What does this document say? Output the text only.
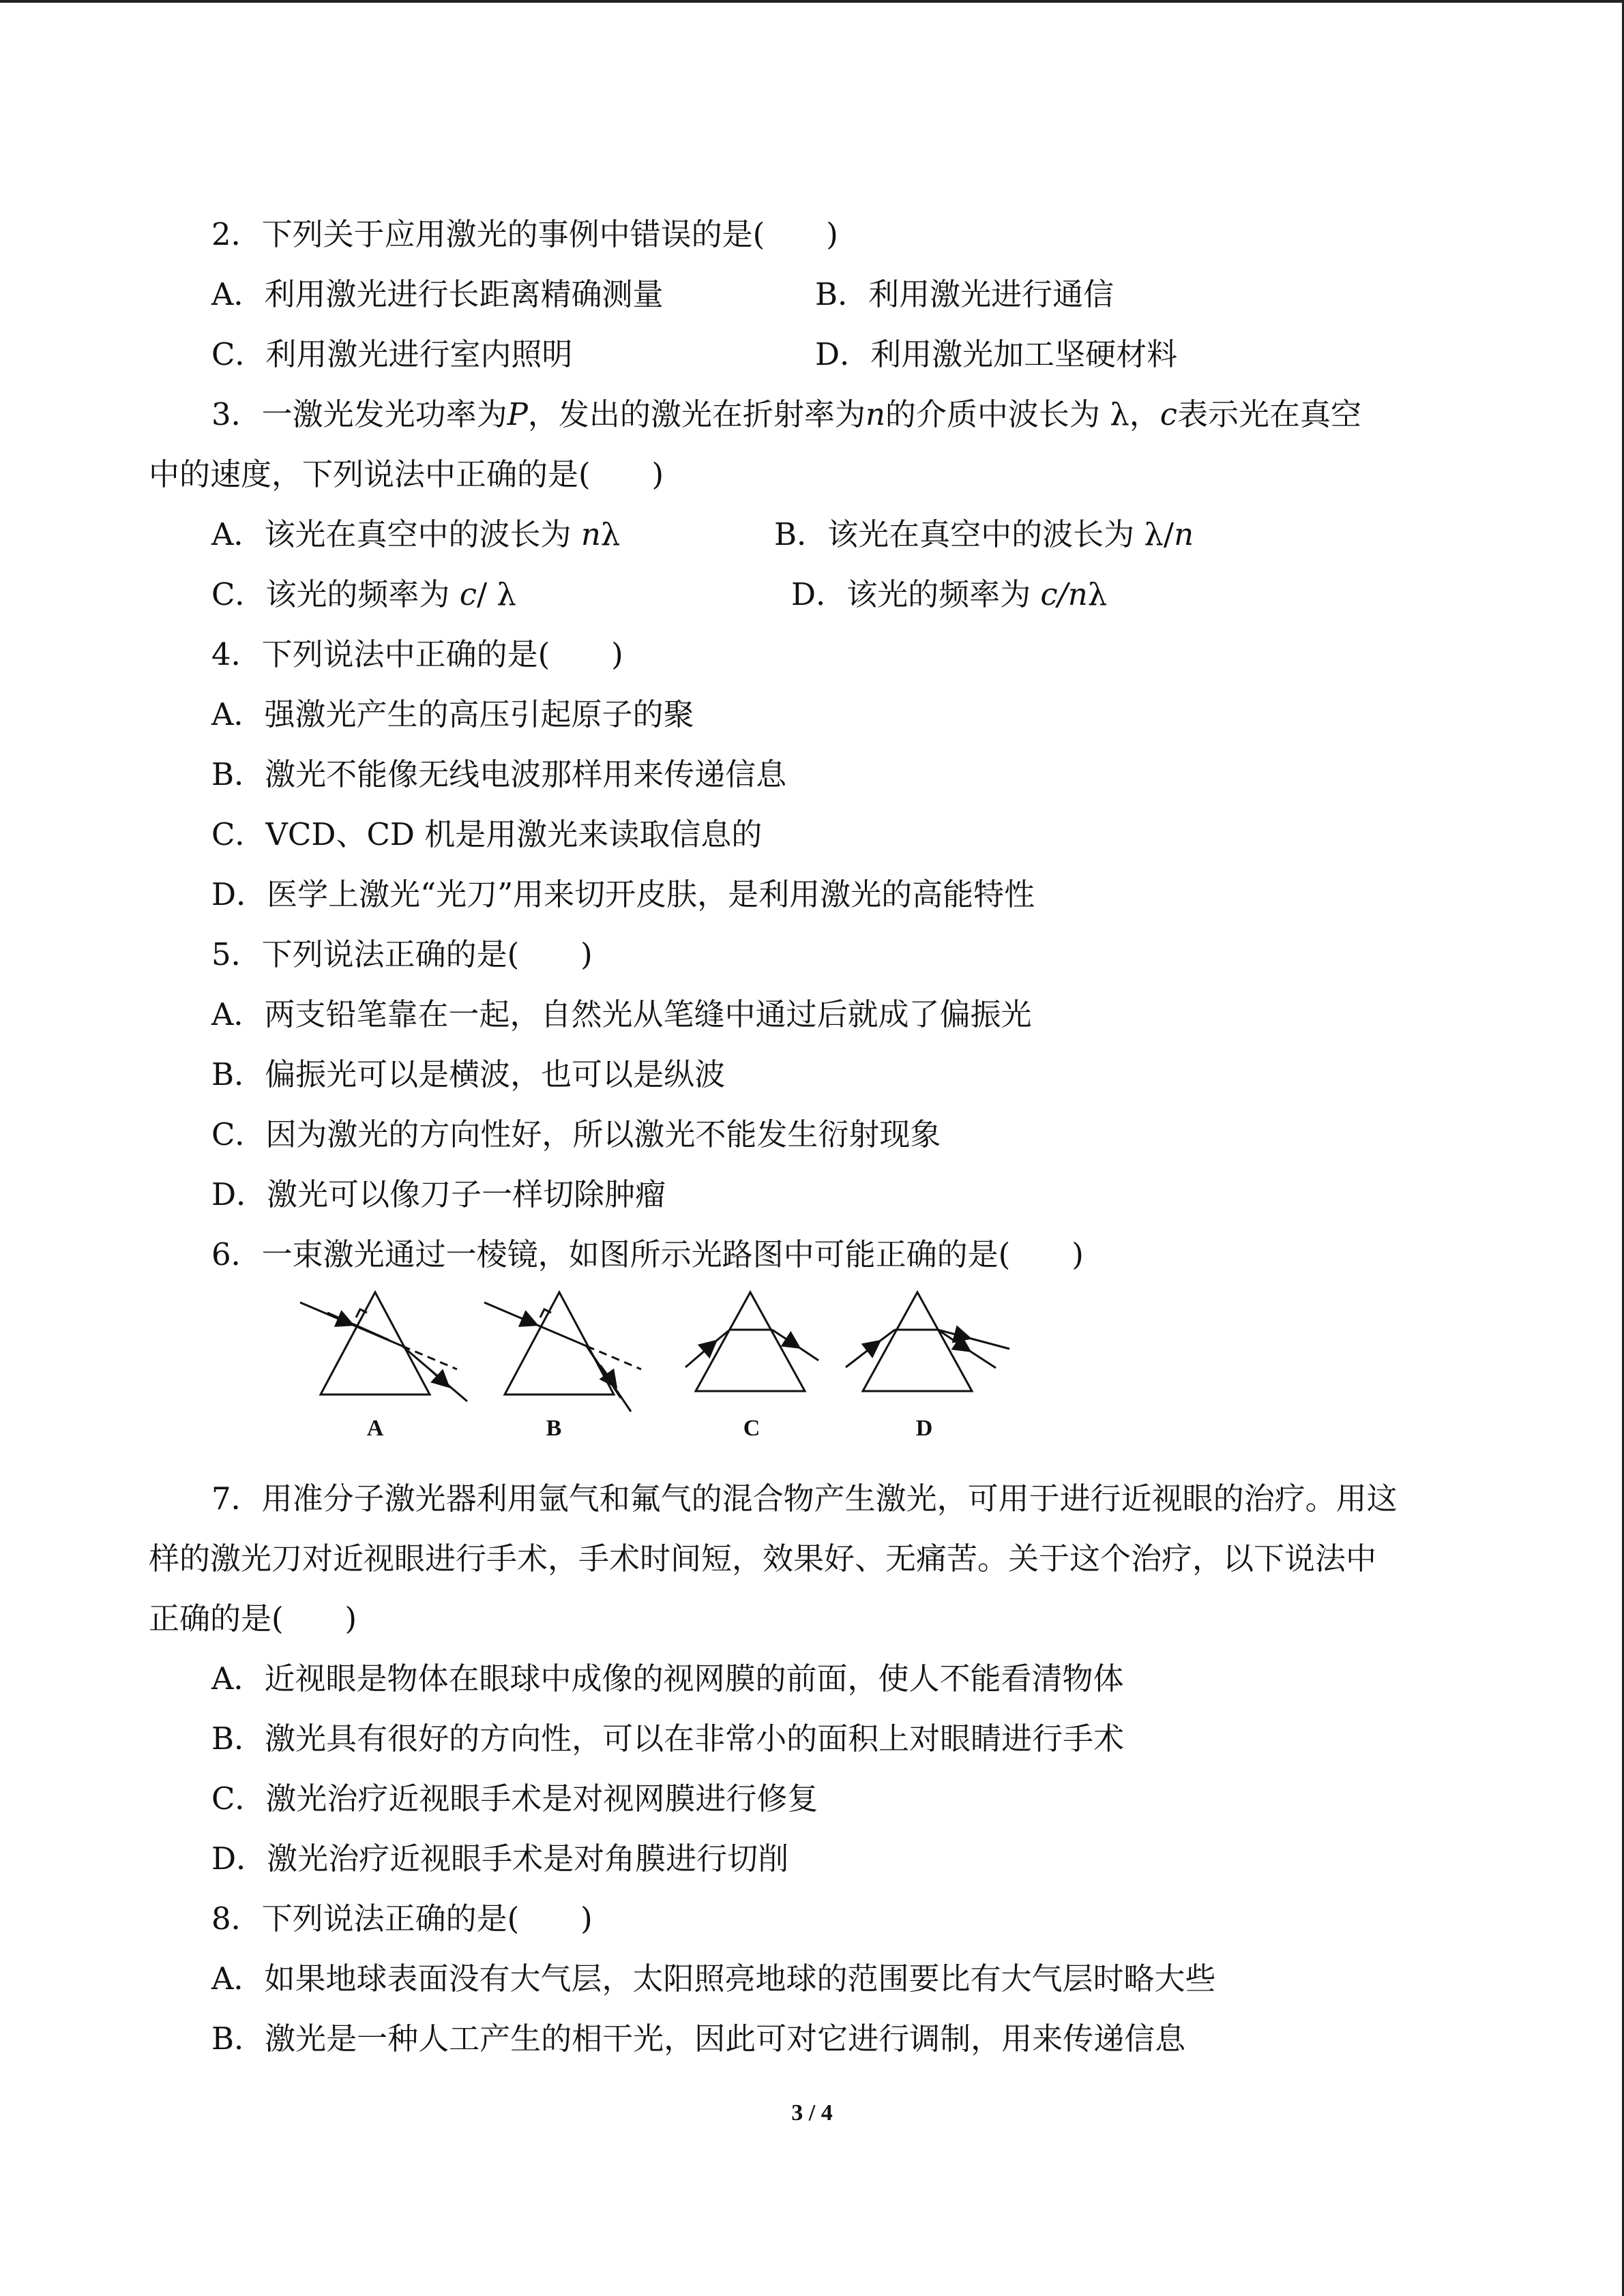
2．下列关于应用激光的事例中错误的是(　　)
A．利用激光进行长距离精确测量	B．利用激光进行通信
C．利用激光进行室内照明	D．利用激光加工坚硬材料
3．一激光发光功率为P，发出的激光在折射率为n的介质中波长为 λ，c表示光在真空
中的速度，下列说法中正确的是(　　)
A．该光在真空中的波长为 nλ	B．该光在真空中的波长为 λ/n
C．该光的频率为 c/ λ	D．该光的频率为 c/nλ
4．下列说法中正确的是(　　)
A．强激光产生的高压引起原子的聚
B．激光不能像无线电波那样用来传递信息
C．VCD、CD 机是用激光来读取信息的
D．医学上激光“光刀”用来切开皮肤，是利用激光的高能特性
5．下列说法正确的是(　　)
A．两支铅笔靠在一起，自然光从笔缝中通过后就成了偏振光
B．偏振光可以是横波，也可以是纵波
C．因为激光的方向性好，所以激光不能发生衍射现象
D．激光可以像刀子一样切除肿瘤
6．一束激光通过一棱镜，如图所示光路图中可能正确的是(　　)
A	B	C	D
7．用准分子激光器利用氩气和氟气的混合物产生激光，可用于进行近视眼的治疗。用这
样的激光刀对近视眼进行手术，手术时间短，效果好、无痛苦。关于这个治疗，以下说法中
正确的是(　　)
A．近视眼是物体在眼球中成像的视网膜的前面，使人不能看清物体
B．激光具有很好的方向性，可以在非常小的面积上对眼睛进行手术
C．激光治疗近视眼手术是对视网膜进行修复
D．激光治疗近视眼手术是对角膜进行切削
8．下列说法正确的是(　　)
A．如果地球表面没有大气层，太阳照亮地球的范围要比有大气层时略大些
B．激光是一种人工产生的相干光，因此可对它进行调制，用来传递信息
3 / 4
